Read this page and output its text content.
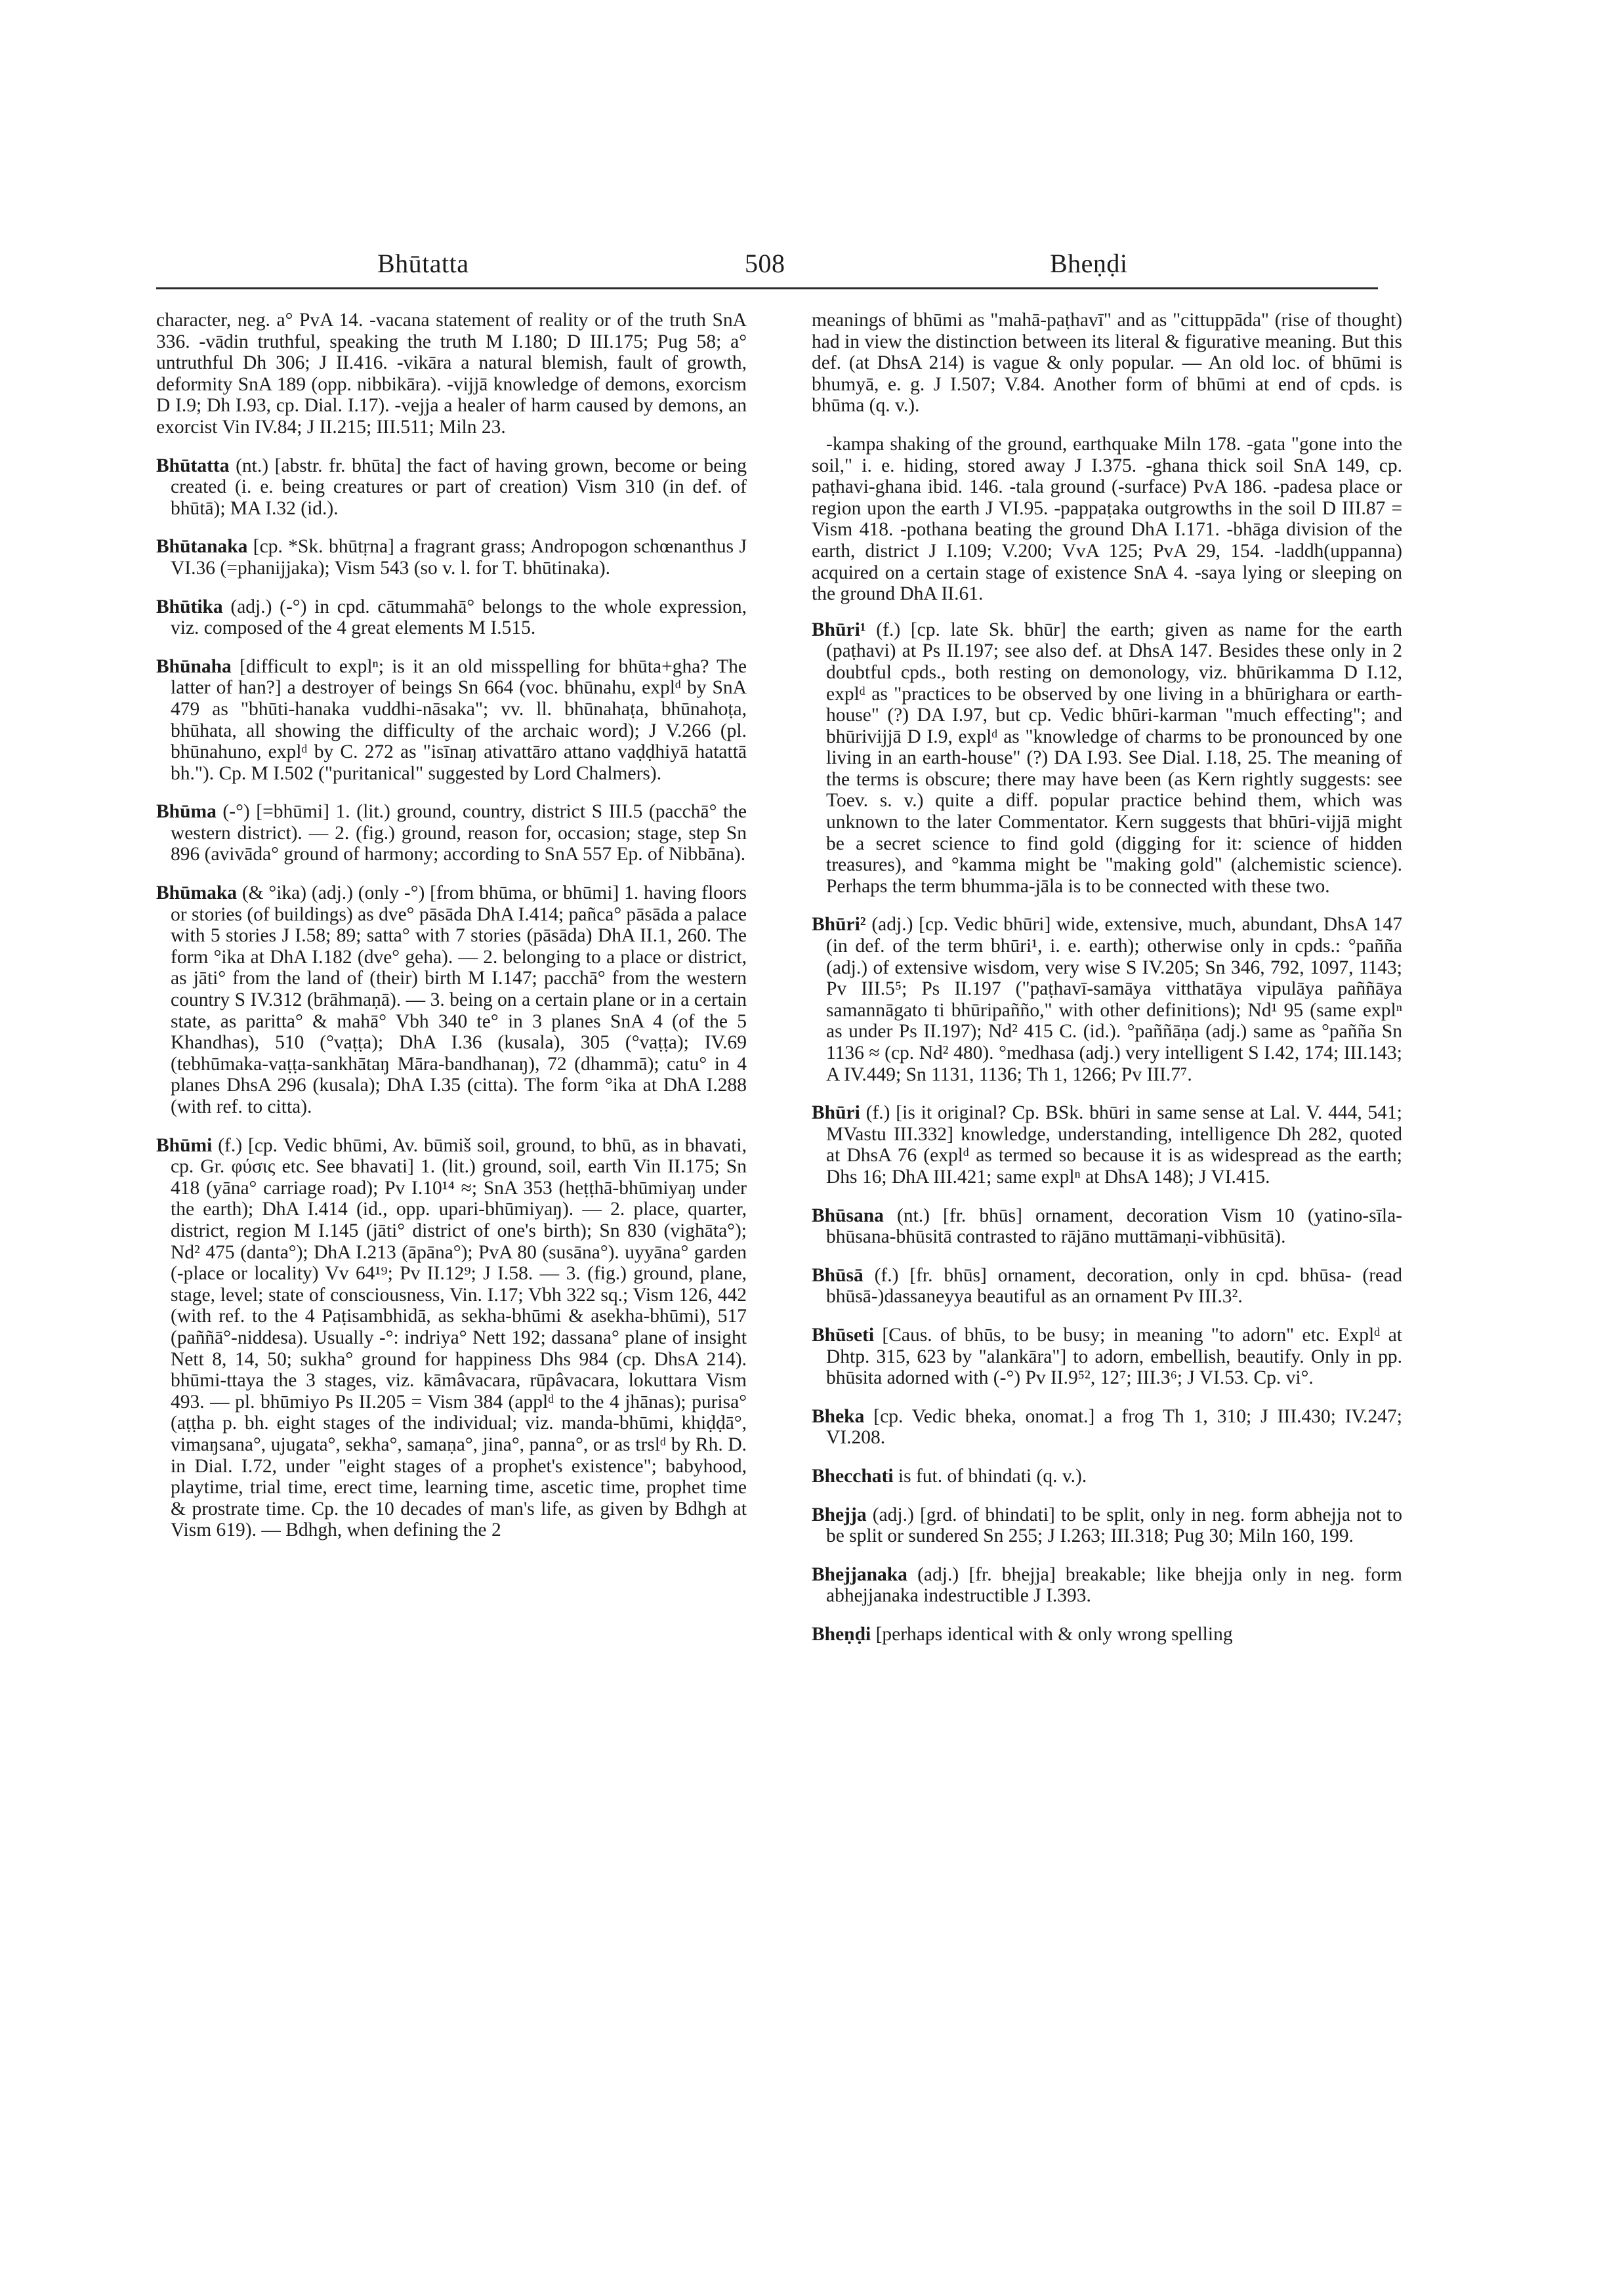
Bhūtatta	508	Bheṇḍi

character, neg. a° PvA 14. -vacana statement of reality or of the truth SnA 336. -vādin truthful, speaking the truth M I.180; D III.175; Pug 58; a° untruthful Dh 306; J II.416. -vikāra a natural blemish, fault of growth, deformity SnA 189 (opp. nibbikāra). -vijjā knowledge of demons, exorcism D I.9; Dh I.93, cp. Dial. I.17). -vejja a healer of harm caused by demons, an exorcist Vin IV.84; J II.215; III.511; Miln 23.

Bhūtatta (nt.) [abstr. fr. bhūta] the fact of having grown, become or being created (i. e. being creatures or part of creation) Vism 310 (in def. of bhūtā); MA I.32 (id.).

Bhūtanaka [cp. *Sk. bhūtṛna] a fragrant grass; Andropogon schœnanthus J VI.36 (=phanijjaka); Vism 543 (so v. l. for T. bhūtinaka).

Bhūtika (adj.) (-°) in cpd. cātummahā° belongs to the whole expression, viz. composed of the 4 great elements M I.515.

Bhūnaha [difficult to explⁿ; is it an old misspelling for bhūta+gha? The latter of han?] a destroyer of beings Sn 664 (voc. bhūnahu, explᵈ by SnA 479 as "bhūti-hanaka vuddhi-nāsaka"; vv. ll. bhūnahaṭa, bhūnahoṭa, bhūhata, all showing the difficulty of the archaic word); J V.266 (pl. bhūnahuno, explᵈ by C. 272 as "isīnaŋ ativattāro attano vaḍḍhiyā hatattā bh."). Cp. M I.502 ("puritanical" suggested by Lord Chalmers).

Bhūma (-°) [=bhūmi] 1. (lit.) ground, country, district S III.5 (pacchā° the western district). — 2. (fig.) ground, reason for, occasion; stage, step Sn 896 (avivāda° ground of harmony; according to SnA 557 Ep. of Nibbāna).

Bhūmaka (& °ika) (adj.) (only -°) [from bhūma, or bhūmi] 1. having floors or stories (of buildings) as dve° pāsāda DhA I.414; pañca° pāsāda a palace with 5 stories J I.58; 89; satta° with 7 stories (pāsāda) DhA II.1, 260. The form °ika at DhA I.182 (dve° geha). — 2. belonging to a place or district, as jāti° from the land of (their) birth M I.147; pacchā° from the western country S IV.312 (brāhmaṇā). — 3. being on a certain plane or in a certain state, as paritta° & mahā° Vbh 340 te° in 3 planes SnA 4 (of the 5 Khandhas), 510 (°vaṭṭa); DhA I.36 (kusala), 305 (°vaṭṭa); IV.69 (tebhūmaka-vaṭṭa-sankhātaŋ Māra-bandhanaŋ), 72 (dhammā); catu° in 4 planes DhsA 296 (kusala); DhA I.35 (citta). The form °ika at DhA I.288 (with ref. to citta).

Bhūmi (f.) [cp. Vedic bhūmi, Av. būmiš soil, ground, to bhū, as in bhavati, cp. Gr. φύσις etc. See bhavati] 1. (lit.) ground, soil, earth Vin II.175; Sn 418 (yāna° carriage road); Pv I.10¹⁴ ≈; SnA 353 (heṭṭhā-bhūmiyaŋ under the earth); DhA I.414 (id., opp. upari-bhūmiyaŋ). — 2. place, quarter, district, region M I.145 (jāti° district of one's birth); Sn 830 (vighāta°); Nd² 475 (danta°); DhA I.213 (āpāna°); PvA 80 (susāna°). uyyāna° garden (-place or locality) Vv 64¹⁹; Pv II.12⁹; J I.58. — 3. (fig.) ground, plane, stage, level; state of consciousness, Vin. I.17; Vbh 322 sq.; Vism 126, 442 (with ref. to the 4 Paṭisambhidā, as sekha-bhūmi & asekha-bhūmi), 517 (paññā°-niddesa). Usually -°: indriya° Nett 192; dassana° plane of insight Nett 8, 14, 50; sukha° ground for happiness Dhs 984 (cp. DhsA 214). bhūmi-ttaya the 3 stages, viz. kāmâvacara, rūpâvacara, lokuttara Vism 493. — pl. bhūmiyo Ps II.205 = Vism 384 (applᵈ to the 4 jhānas); purisa° (aṭṭha p. bh. eight stages of the individual; viz. manda-bhūmi, khiḍḍā°, vimaŋsana°, ujugata°, sekha°, samaṇa°, jina°, panna°, or as trslᵈ by Rh. D. in Dial. I.72, under "eight stages of a prophet's existence"; babyhood, playtime, trial time, erect time, learning time, ascetic time, prophet time & prostrate time. Cp. the 10 decades of man's life, as given by Bdhgh at Vism 619). — Bdhgh, when defining the 2

meanings of bhūmi as "mahā-paṭhavī" and as "cittuppāda" (rise of thought) had in view the distinction between its literal & figurative meaning. But this def. (at DhsA 214) is vague & only popular. — An old loc. of bhūmi is bhumyā, e. g. J I.507; V.84. Another form of bhūmi at end of cpds. is bhūma (q. v.).

-kampa shaking of the ground, earthquake Miln 178. -gata "gone into the soil," i. e. hiding, stored away J I.375. -ghana thick soil SnA 149, cp. paṭhavi-ghana ibid. 146. -tala ground (-surface) PvA 186. -padesa place or region upon the earth J VI.95. -pappaṭaka outgrowths in the soil D III.87 = Vism 418. -pothana beating the ground DhA I.171. -bhāga division of the earth, district J I.109; V.200; VvA 125; PvA 29, 154. -laddh(uppanna) acquired on a certain stage of existence SnA 4. -saya lying or sleeping on the ground DhA II.61.

Bhūri¹ (f.) [cp. late Sk. bhūr] the earth; given as name for the earth (paṭhavi) at Ps II.197; see also def. at DhsA 147. Besides these only in 2 doubtful cpds., both resting on demonology, viz. bhūrikamma D I.12, explᵈ as "practices to be observed by one living in a bhūrighara or earth-house" (?) DA I.97, but cp. Vedic bhūri-karman "much effecting"; and bhūrivijjā D I.9, explᵈ as "knowledge of charms to be pronounced by one living in an earth-house" (?) DA I.93. See Dial. I.18, 25. The meaning of the terms is obscure; there may have been (as Kern rightly suggests: see Toev. s. v.) quite a diff. popular practice behind them, which was unknown to the later Commentator. Kern suggests that bhūri-vijjā might be a secret science to find gold (digging for it: science of hidden treasures), and °kamma might be "making gold" (alchemistic science). Perhaps the term bhumma-jāla is to be connected with these two.

Bhūri² (adj.) [cp. Vedic bhūri] wide, extensive, much, abundant, DhsA 147 (in def. of the term bhūri¹, i. e. earth); otherwise only in cpds.: °pañña (adj.) of extensive wisdom, very wise S IV.205; Sn 346, 792, 1097, 1143; Pv III.5⁵; Ps II.197 ("paṭhavī-samāya vitthatāya vipulāya paññāya samannāgato ti bhūripañño," with other definitions); Nd¹ 95 (same explⁿ as under Ps II.197); Nd² 415 C. (id.). °paññāṇa (adj.) same as °pañña Sn 1136 ≈ (cp. Nd² 480). °medhasa (adj.) very intelligent S I.42, 174; III.143; A IV.449; Sn 1131, 1136; Th 1, 1266; Pv III.7⁷.

Bhūri (f.) [is it original? Cp. BSk. bhūri in same sense at Lal. V. 444, 541; MVastu III.332] knowledge, understanding, intelligence Dh 282, quoted at DhsA 76 (explᵈ as termed so because it is as widespread as the earth; Dhs 16; DhA III.421; same explⁿ at DhsA 148); J VI.415.

Bhūsana (nt.) [fr. bhūs] ornament, decoration Vism 10 (yatino-sīla-bhūsana-bhūsitā contrasted to rājāno muttāmaṇi-vibhūsitā).

Bhūsā (f.) [fr. bhūs] ornament, decoration, only in cpd. bhūsa- (read bhūsā-)dassaneyya beautiful as an ornament Pv III.3².

Bhūseti [Caus. of bhūs, to be busy; in meaning "to adorn" etc. Explᵈ at Dhtp. 315, 623 by "alankāra"] to adorn, embellish, beautify. Only in pp. bhūsita adorned with (-°) Pv II.9⁵², 12⁷; III.3⁶; J VI.53. Cp. vi°.

Bheka [cp. Vedic bheka, onomat.] a frog Th 1, 310; J III.430; IV.247; VI.208.

Bhecchati is fut. of bhindati (q. v.).

Bhejja (adj.) [grd. of bhindati] to be split, only in neg. form abhejja not to be split or sundered Sn 255; J I.263; III.318; Pug 30; Miln 160, 199.

Bhejjanaka (adj.) [fr. bhejja] breakable; like bhejja only in neg. form abhejjanaka indestructible J I.393.

Bheṇḍi [perhaps identical with & only wrong spelling
